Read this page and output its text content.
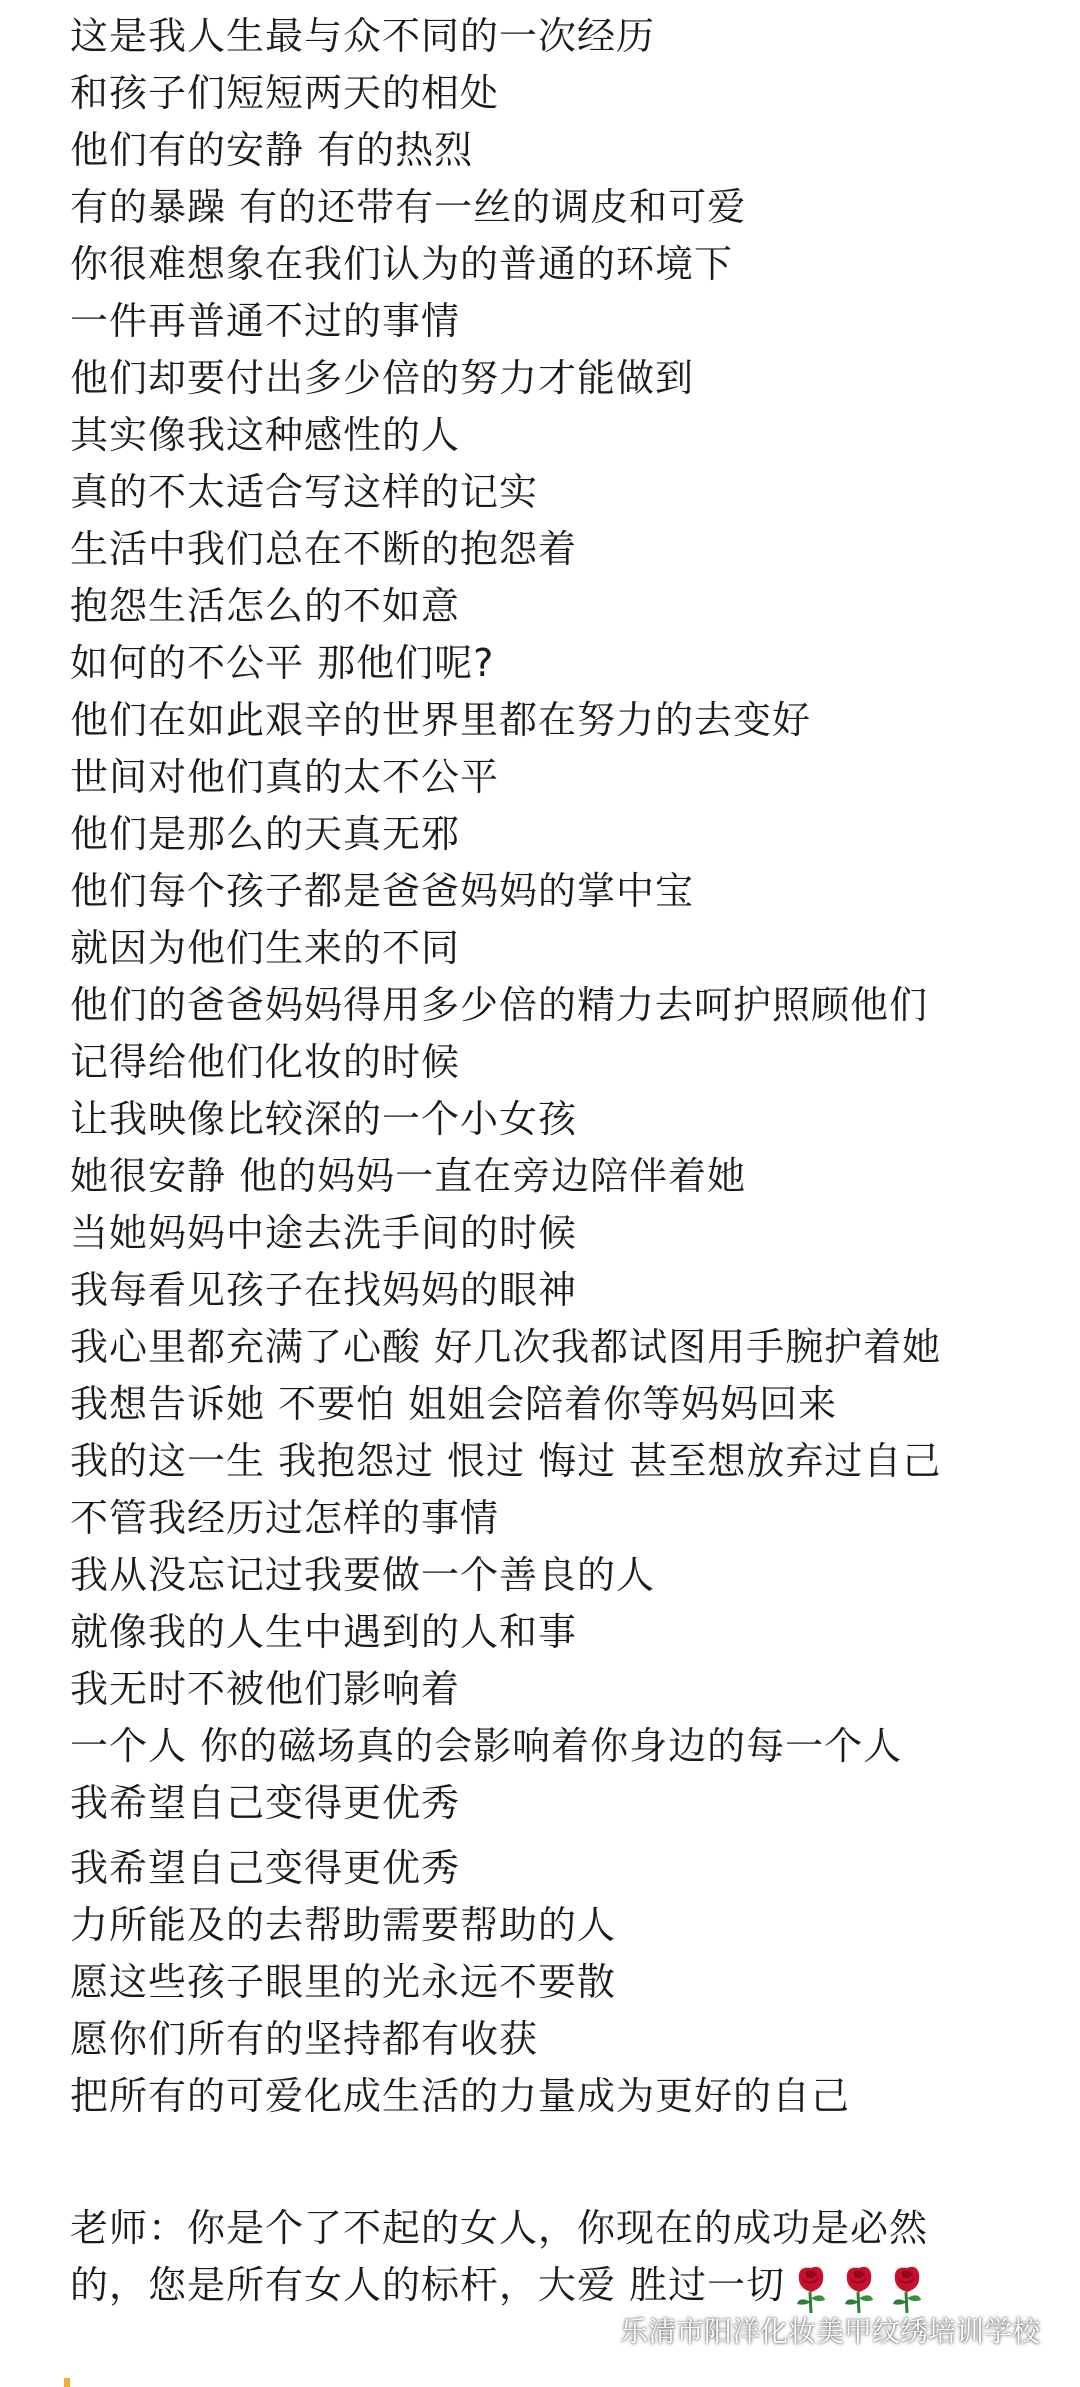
这是我人生最与众不同的一次经历
和孩子们短短两天的相处
他们有的安静 有的热烈
有的暴躁 有的还带有一丝的调皮和可爱
你很难想象在我们认为的普通的环境下
一件再普通不过的事情
他们却要付出多少倍的努力才能做到
其实像我这种感性的人
真的不太适合写这样的记实
生活中我们总在不断的抱怨着
抱怨生活怎么的不如意
如何的不公平 那他们呢?
他们在如此艰辛的世界里都在努力的去变好
世间对他们真的太不公平
他们是那么的天真无邪
他们每个孩子都是爸爸妈妈的掌中宝
就因为他们生来的不同
他们的爸爸妈妈得用多少倍的精力去呵护照顾他们
记得给他们化妆的时候
让我映像比较深的一个小女孩
她很安静 他的妈妈一直在旁边陪伴着她
当她妈妈中途去洗手间的时候
我每看见孩子在找妈妈的眼神
我心里都充满了心酸 好几次我都试图用手腕护着她
我想告诉她 不要怕 姐姐会陪着你等妈妈回来
我的这一生 我抱怨过 恨过 悔过 甚至想放弃过自己
不管我经历过怎样的事情
我从没忘记过我要做一个善良的人
就像我的人生中遇到的人和事
我无时不被他们影响着
一个人 你的磁场真的会影响着你身边的每一个人
我希望自己变得更优秀
我希望自己变得更优秀
力所能及的去帮助需要帮助的人
愿这些孩子眼里的光永远不要散
愿你们所有的坚持都有收获
把所有的可爱化成生活的力量成为更好的自己
老师：你是个了不起的女人，你现在的成功是必然
的，您是所有女人的标杆，大爱 胜过一切
乐清市阳洋化妆美甲纹绣培训学校
